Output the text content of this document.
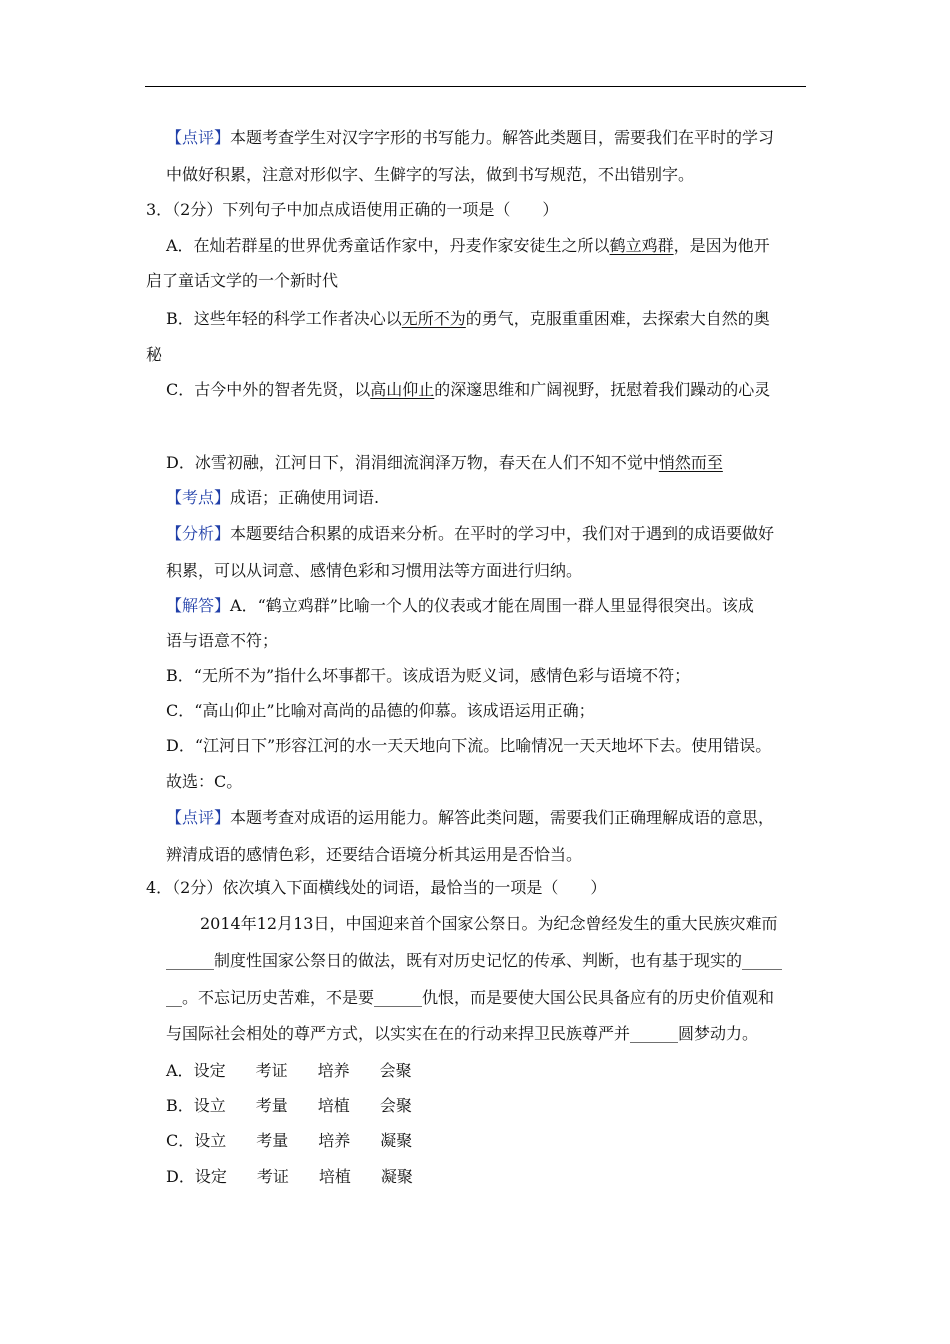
【点评】本题考查学生对汉字字形的书写能力。解答此类题目，需要我们在平时的学习
中做好积累，注意对形似字、生僻字的写法，做到书写规范，不出错别字。
3．（2分）下列句子中加点成语使用正确的一项是（　　）
A．在灿若群星的世界优秀童话作家中，丹麦作家安徒生之所以鹤立鸡群，是因为他开
启了童话文学的一个新时代
B．这些年轻的科学工作者决心以无所不为的勇气，克服重重困难，去探索大自然的奥
秘
C．古今中外的智者先贤，以高山仰止的深邃思维和广阔视野，抚慰着我们躁动的心灵
D．冰雪初融，江河日下，涓涓细流润泽万物，春天在人们不知不觉中悄然而至
【考点】成语；正确使用词语.
【分析】本题要结合积累的成语来分析。在平时的学习中，我们对于遇到的成语要做好
积累，可以从词意、感情色彩和习惯用法等方面进行归纳。
【解答】A．“鹤立鸡群”比喻一个人的仪表或才能在周围一群人里显得很突出。该成
语与语意不符；
B．“无所不为”指什么坏事都干。该成语为贬义词，感情色彩与语境不符；
C．“高山仰止”比喻对高尚的品德的仰慕。该成语运用正确；
D．“江河日下”形容江河的水一天天地向下流。比喻情况一天天地坏下去。使用错误。
故选：C。
【点评】本题考查对成语的运用能力。解答此类问题，需要我们正确理解成语的意思，
辨清成语的感情色彩，还要结合语境分析其运用是否恰当。
4．（2分）依次填入下面横线处的词语，最恰当的一项是（　　）
2014年12月13日，中国迎来首个国家公祭日。为纪念曾经发生的重大民族灾难而
______制度性国家公祭日的做法，既有对历史记忆的传承、判断，也有基于现实的_____
__。不忘记历史苦难，不是要______仇恨，而是要使大国公民具备应有的历史价值观和
与国际社会相处的尊严方式，以实实在在的行动来捍卫民族尊严并______圆梦动力。
A．设定 考证 培养 会聚
B．设立 考量 培植 会聚
C．设立 考量 培养 凝聚
D．设定 考证 培植 凝聚
